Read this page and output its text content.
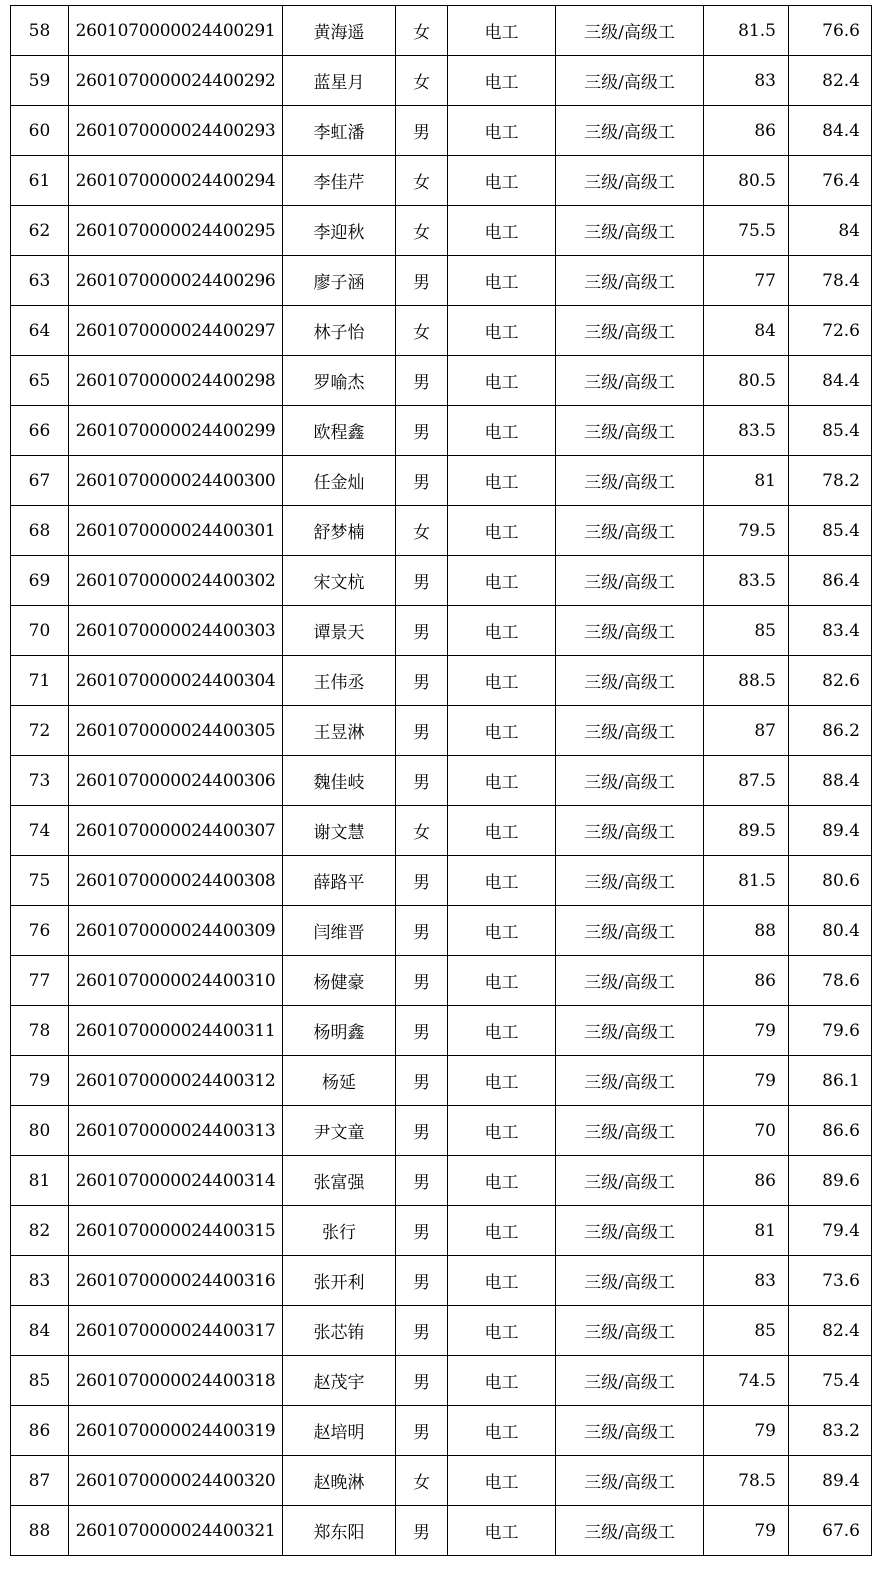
58	2601070000024400291	黄海遥	女	电工	三级/高级工	81.5	76.6
59	2601070000024400292	蓝星月	女	电工	三级/高级工	83	82.4
60	2601070000024400293	李虹潘	男	电工	三级/高级工	86	84.4
61	2601070000024400294	李佳芹	女	电工	三级/高级工	80.5	76.4
62	2601070000024400295	李迎秋	女	电工	三级/高级工	75.5	84
63	2601070000024400296	廖子涵	男	电工	三级/高级工	77	78.4
64	2601070000024400297	林子怡	女	电工	三级/高级工	84	72.6
65	2601070000024400298	罗喻杰	男	电工	三级/高级工	80.5	84.4
66	2601070000024400299	欧程鑫	男	电工	三级/高级工	83.5	85.4
67	2601070000024400300	任金灿	男	电工	三级/高级工	81	78.2
68	2601070000024400301	舒梦楠	女	电工	三级/高级工	79.5	85.4
69	2601070000024400302	宋文杭	男	电工	三级/高级工	83.5	86.4
70	2601070000024400303	谭景天	男	电工	三级/高级工	85	83.4
71	2601070000024400304	王伟丞	男	电工	三级/高级工	88.5	82.6
72	2601070000024400305	王昱淋	男	电工	三级/高级工	87	86.2
73	2601070000024400306	魏佳岐	男	电工	三级/高级工	87.5	88.4
74	2601070000024400307	谢文慧	女	电工	三级/高级工	89.5	89.4
75	2601070000024400308	薛路平	男	电工	三级/高级工	81.5	80.6
76	2601070000024400309	闫维晋	男	电工	三级/高级工	88	80.4
77	2601070000024400310	杨健豪	男	电工	三级/高级工	86	78.6
78	2601070000024400311	杨明鑫	男	电工	三级/高级工	79	79.6
79	2601070000024400312	杨延	男	电工	三级/高级工	79	86.1
80	2601070000024400313	尹文童	男	电工	三级/高级工	70	86.6
81	2601070000024400314	张富强	男	电工	三级/高级工	86	89.6
82	2601070000024400315	张行	男	电工	三级/高级工	81	79.4
83	2601070000024400316	张开利	男	电工	三级/高级工	83	73.6
84	2601070000024400317	张芯铕	男	电工	三级/高级工	85	82.4
85	2601070000024400318	赵茂宇	男	电工	三级/高级工	74.5	75.4
86	2601070000024400319	赵培明	男	电工	三级/高级工	79	83.2
87	2601070000024400320	赵晚淋	女	电工	三级/高级工	78.5	89.4
88	2601070000024400321	郑东阳	男	电工	三级/高级工	79	67.6
